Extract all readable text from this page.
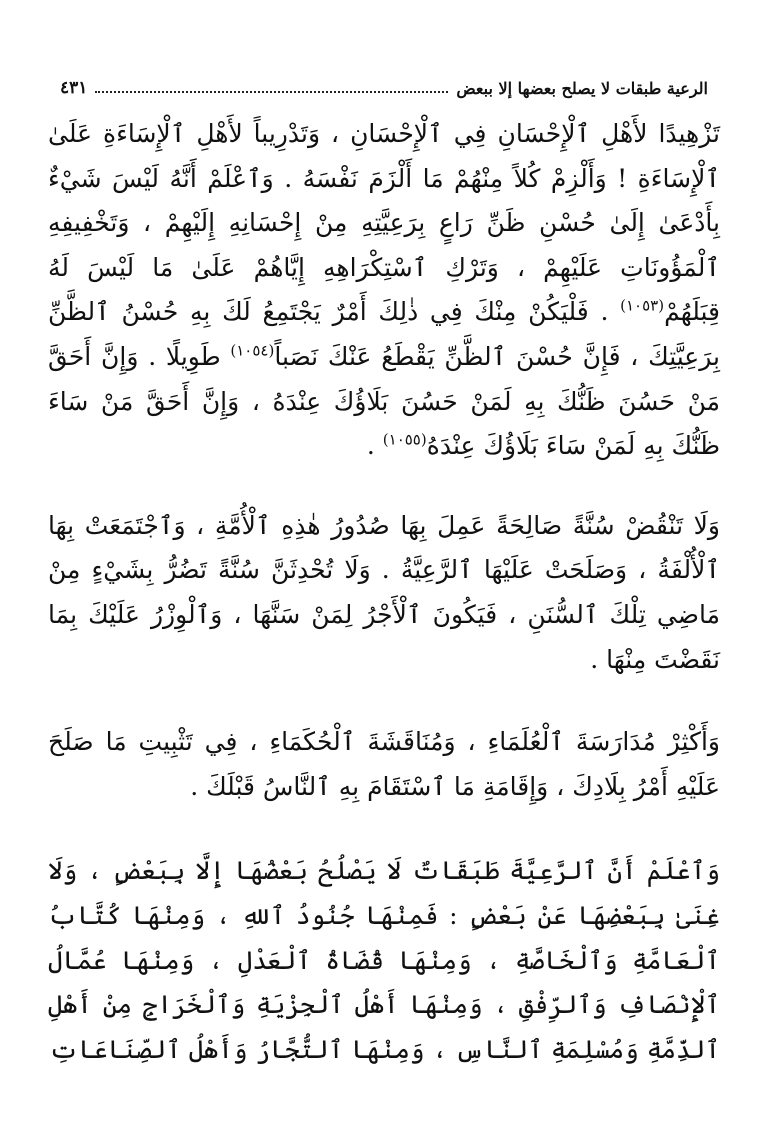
الرعية طبقات لا يصلح بعضها إلا ببعض
٤٣١

تَزْهِيدًا لأَهْلِ ٱلْإِحْسَانِ فِي ٱلْإِحْسَانِ ، وَتَدْرِيباً لأَهْلِ ٱلْإِسَاءَةِ عَلَىٰ ٱلْإِسَاءَةِ ! وَأَلْزِمْ كُلاً مِنْهُمْ مَا أَلْزَمَ نَفْسَهُ . وَٱعْلَمْ أَنَّهُ لَيْسَ شَيْءٌ بِأَدْعَىٰ إِلَىٰ حُسْنِ ظَنِّ رَاعٍ بِرَعِيَّتِهِ مِنْ إِحْسَانِهِ إِلَيْهِمْ ، وَتَخْفِيفِهِ ٱلْمَؤُونَاتِ عَلَيْهِمْ ، وَتَرْكِ ٱسْتِكْرَاهِهِ إِيَّاهُمْ عَلَىٰ مَا لَيْسَ لَهُ قِبَلَهُمْ$^{(١٠٥٣)}$ . فَلْيَكُنْ مِنْكَ فِي ذٰلِكَ أَمْرٌ يَجْتَمِعُ لَكَ بِهِ حُسْنُ ٱلظَّنِّ بِرَعِيَّتِكَ ، فَإِنَّ حُسْنَ ٱلظَّنِّ يَقْطَعُ عَنْكَ نَصَباً$^{(١٠٥٤)}$ طَوِيلًا . وَإِنَّ أَحَقَّ مَنْ حَسُنَ ظَنُّكَ بِهِ لَمَنْ حَسُنَ بَلَاؤُكَ عِنْدَهُ ، وَإِنَّ أَحَقَّ مَنْ سَاءَ ظَنُّكَ بِهِ لَمَنْ سَاءَ بَلَاؤُكَ عِنْدَهُ$^{(١٠٥٥)}$ .

وَلَا تَنْقُضْ سُنَّةً صَالِحَةً عَمِلَ بِهَا صُدُورُ هٰذِهِ ٱلْأُمَّةِ ، وَٱجْتَمَعَتْ بِهَا ٱلْأُلْفَةُ ، وَصَلَحَتْ عَلَيْهَا ٱلرَّعِيَّةُ . وَلَا تُحْدِثَنَّ سُنَّةً تَضُرُّ بِشَيْءٍ مِنْ مَاضِي تِلْكَ ٱلسُّنَنِ ، فَيَكُونَ ٱلْأَجْرُ لِمَنْ سَنَّهَا ، وَٱلْوِزْرُ عَلَيْكَ بِمَا نَقَضْتَ مِنْهَا .

وَأَكْثِرْ مُدَارَسَةَ ٱلْعُلَمَاءِ ، وَمُنَاقَشَةَ ٱلْحُكَمَاءِ ، فِي تَثْبِيتِ مَا صَلَحَ عَلَيْهِ أَمْرُ بِلَادِكَ ، وَإِقَامَةِ مَا ٱسْتَقَامَ بِهِ ٱلنَّاسُ قَبْلَكَ .

وَٱعْلَمْ أَنَّ ٱلرَّعِيَّةَ طَبَقَاتٌ لَا يَصْلُحُ بَعْضُهَا إِلَّا بِبَعْضٍ ، وَلَا غِنَىٰ بِبَعْضِهَا عَنْ بَعْضٍ : فَمِنْهَا جُنُودُ ٱللهِ ، وَمِنْهَا كُتَّابُ ٱلْعَامَّةِ وَٱلْخَاصَّةِ ، وَمِنْهَا قُضَاةُ ٱلْعَدْلِ ، وَمِنْهَا عُمَّالُ ٱلْإِنْصَافِ وَٱلرِّفْقِ ، وَمِنْهَا أَهْلُ ٱلْجِزْيَةِ وَٱلْخَرَاجِ مِنْ أَهْلِ ٱلذِّمَّةِ وَمُسْلِمَةِ ٱلنَّاسِ ، وَمِنْهَا ٱلتُّجَّارُ وَأَهْلُ ٱلصِّنَاعَاتِ
